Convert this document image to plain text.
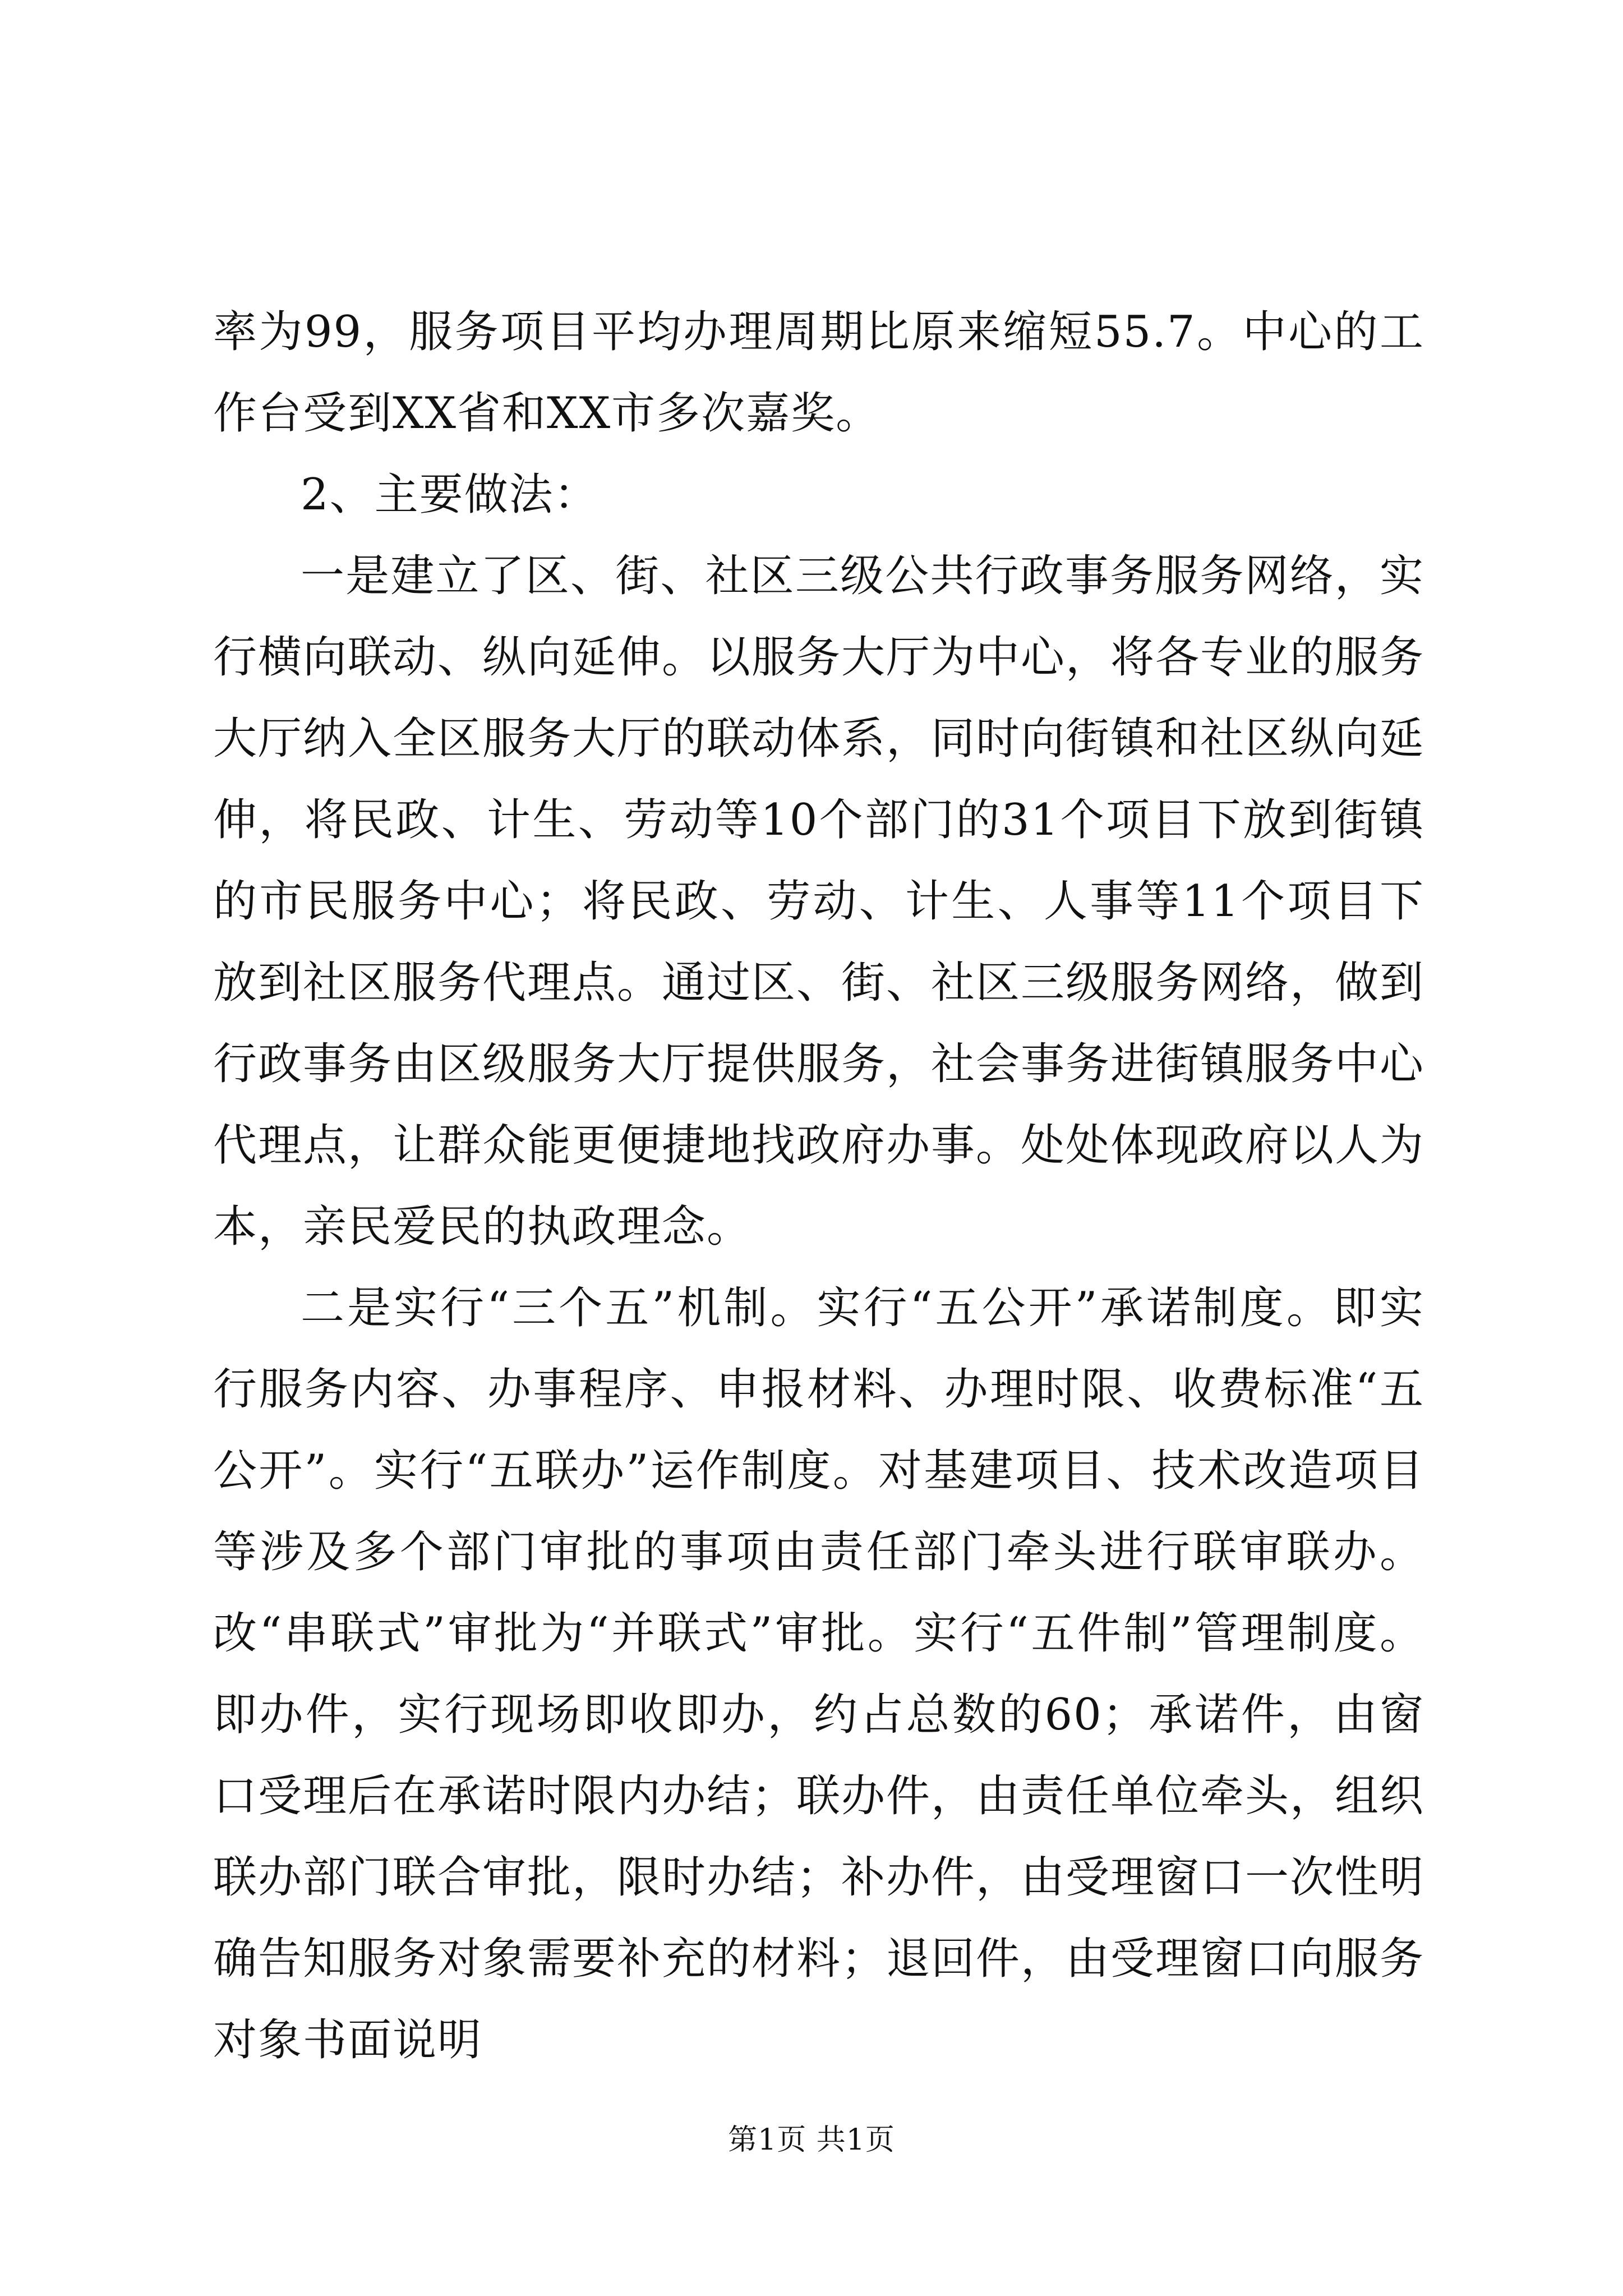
率为99，服务项目平均办理周期比原来缩短55.7。中心的工作台受到XX省和XX市多次嘉奖。

2、主要做法：

一是建立了区、街、社区三级公共行政事务服务网络，实行横向联动、纵向延伸。以服务大厅为中心，将各专业的服务大厅纳入全区服务大厅的联动体系，同时向街镇和社区纵向延伸，将民政、计生、劳动等10个部门的31个项目下放到街镇的市民服务中心；将民政、劳动、计生、人事等11个项目下放到社区服务代理点。通过区、街、社区三级服务网络，做到行政事务由区级服务大厅提供服务，社会事务进街镇服务中心代理点，让群众能更便捷地找政府办事。处处体现政府以人为本，亲民爱民的执政理念。

二是实行“三个五”机制。实行“五公开”承诺制度。即实行服务内容、办事程序、申报材料、办理时限、收费标准“五公开”。实行“五联办”运作制度。对基建项目、技术改造项目等涉及多个部门审批的事项由责任部门牵头进行联审联办。改“串联式”审批为“并联式”审批。实行“五件制”管理制度。即办件，实行现场即收即办，约占总数的60；承诺件，由窗口受理后在承诺时限内办结；联办件，由责任单位牵头，组织联办部门联合审批，限时办结；补办件，由受理窗口一次性明确告知服务对象需要补充的材料；退回件，由受理窗口向服务对象书面说明

第1页 共1页
